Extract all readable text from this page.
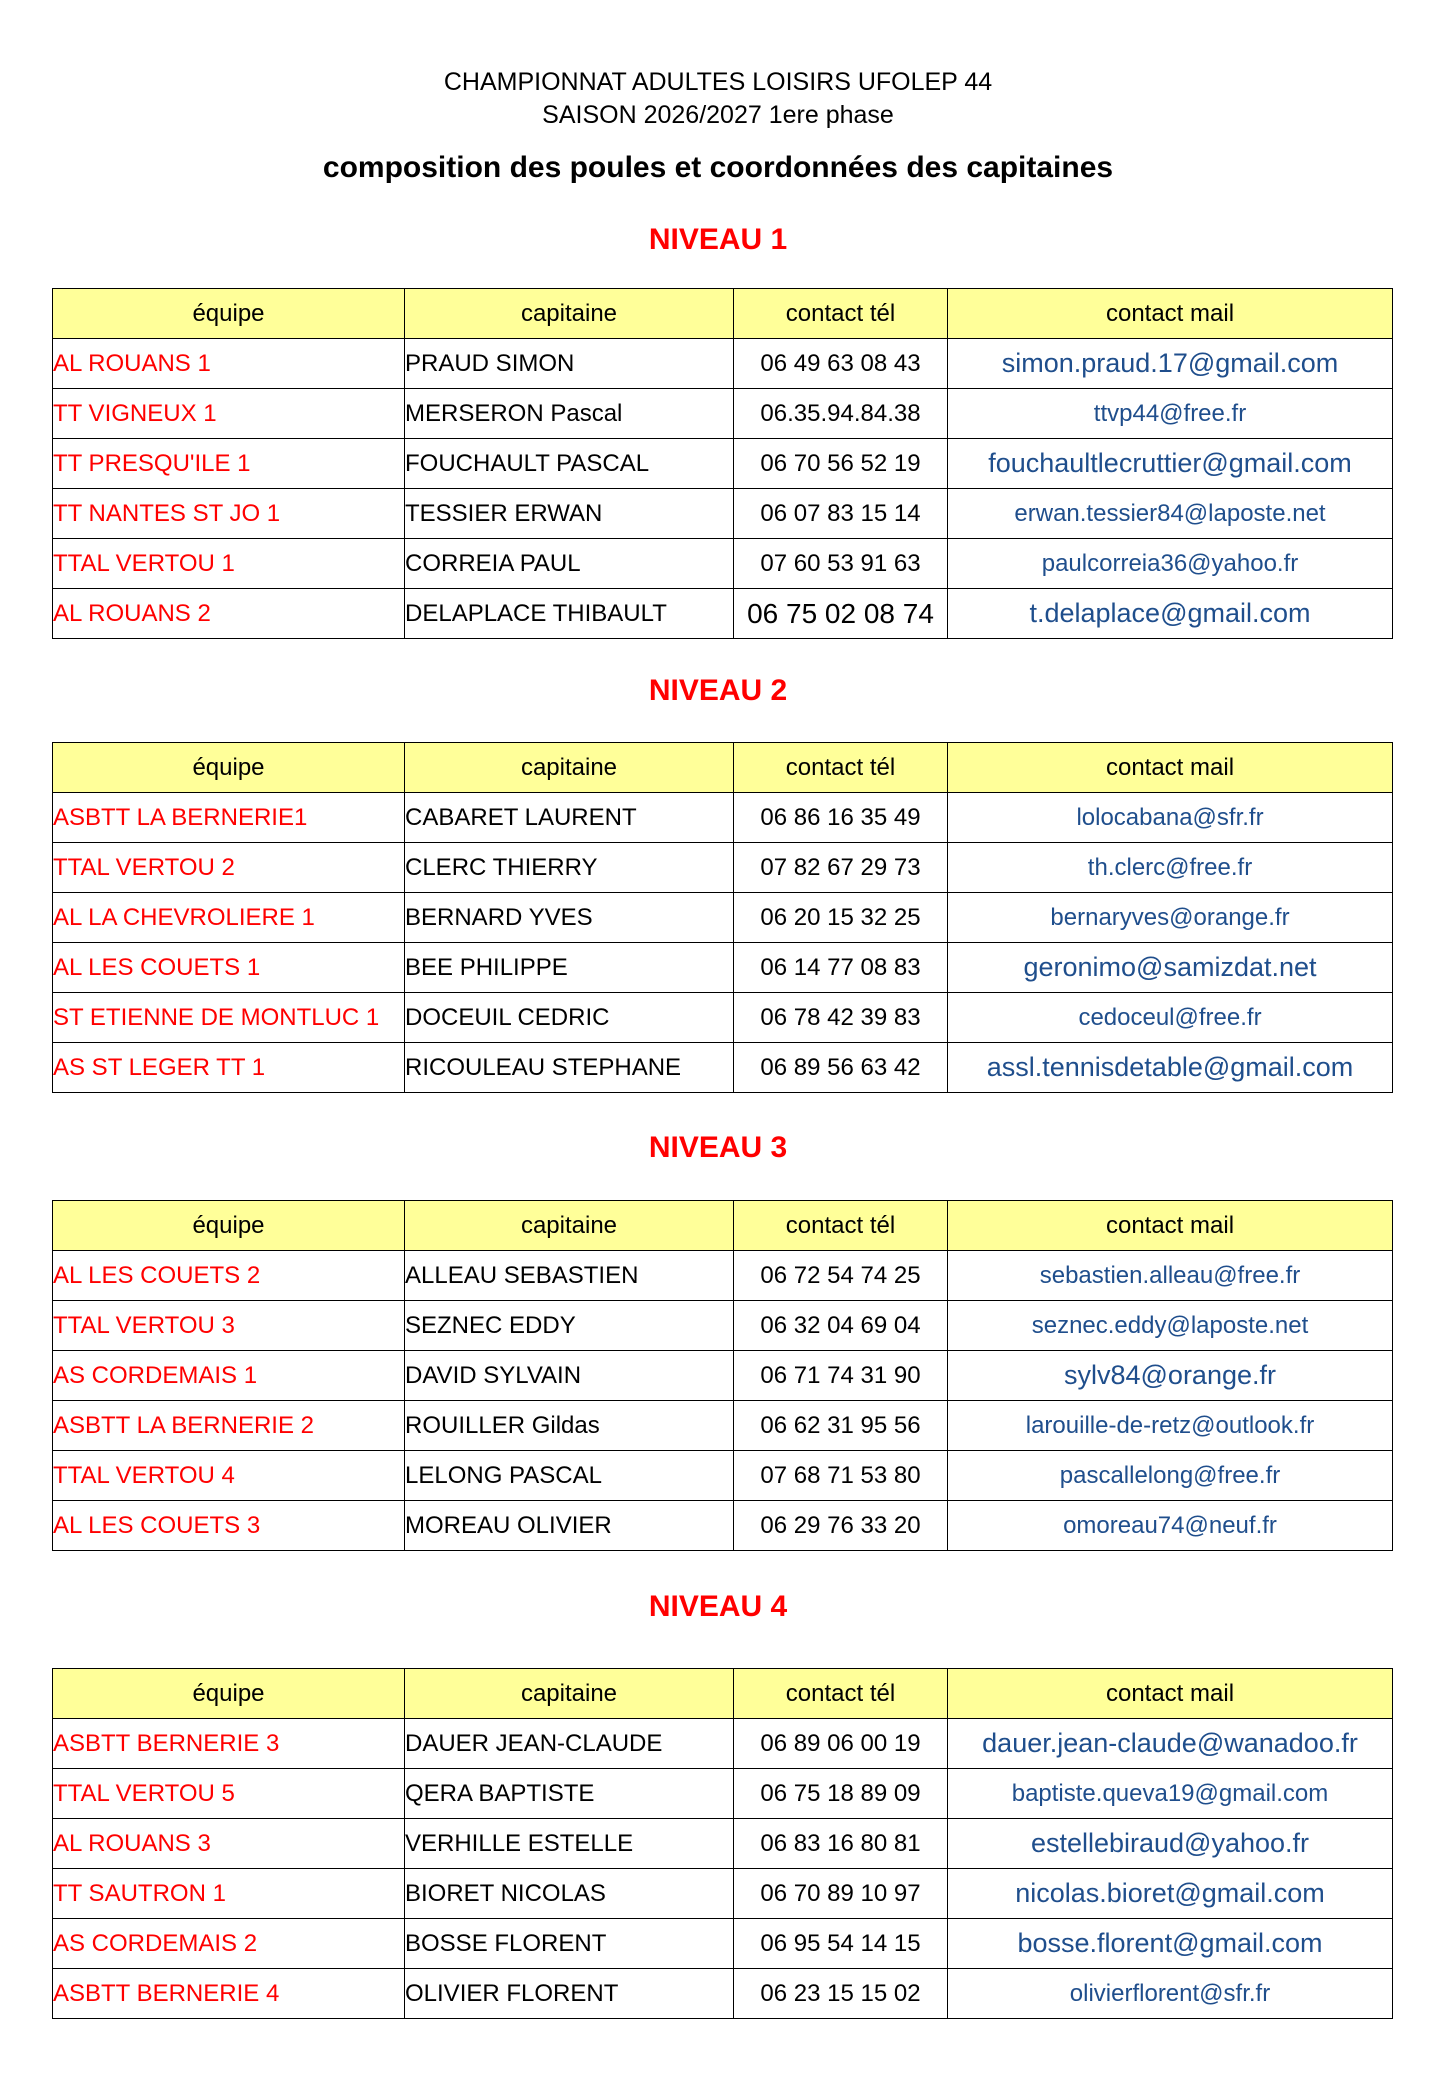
CHAMPIONNAT ADULTES LOISIRS UFOLEP 44
SAISON 2026/2027 1ere phase
composition des poules et coordonnées des capitaines
NIVEAU 1
équipe	capitaine	contact tél	contact mail
AL ROUANS 1	PRAUD SIMON	06 49 63 08 43	simon.praud.17@gmail.com
TT VIGNEUX 1	MERSERON Pascal	06.35.94.84.38	ttvp44@free.fr
TT PRESQU'ILE 1	FOUCHAULT PASCAL	06 70 56 52 19	fouchaultlecruttier@gmail.com
TT NANTES ST JO 1	TESSIER ERWAN	06 07 83 15 14	erwan.tessier84@laposte.net
TTAL VERTOU 1	CORREIA PAUL	07 60 53 91 63	paulcorreia36@yahoo.fr
AL ROUANS 2	DELAPLACE THIBAULT	06 75 02 08 74	t.delaplace@gmail.com
NIVEAU 2
équipe	capitaine	contact tél	contact mail
ASBTT LA BERNERIE1	CABARET LAURENT	06 86 16 35 49	lolocabana@sfr.fr
TTAL VERTOU 2	CLERC THIERRY	07 82 67 29 73	th.clerc@free.fr
AL LA CHEVROLIERE 1	BERNARD YVES	06 20 15 32 25	bernaryves@orange.fr
AL LES COUETS 1	BEE PHILIPPE	06 14 77 08 83	geronimo@samizdat.net
ST ETIENNE DE MONTLUC 1	DOCEUIL CEDRIC	06 78 42 39 83	cedoceul@free.fr
AS ST LEGER TT 1	RICOULEAU STEPHANE	06 89 56 63 42	assl.tennisdetable@gmail.com
NIVEAU 3
équipe	capitaine	contact tél	contact mail
AL LES COUETS 2	ALLEAU SEBASTIEN	06 72 54 74 25	sebastien.alleau@free.fr
TTAL VERTOU 3	SEZNEC EDDY	06 32 04 69 04	seznec.eddy@laposte.net
AS CORDEMAIS 1	DAVID SYLVAIN	06 71 74 31 90	sylv84@orange.fr
ASBTT LA BERNERIE 2	ROUILLER Gildas	06 62 31 95 56	larouille-de-retz@outlook.fr
TTAL VERTOU 4	LELONG PASCAL	07 68 71 53 80	pascallelong@free.fr
AL LES COUETS 3	MOREAU OLIVIER	06 29 76 33 20	omoreau74@neuf.fr
NIVEAU 4
équipe	capitaine	contact tél	contact mail
ASBTT BERNERIE 3	DAUER JEAN-CLAUDE	06 89 06 00 19	dauer.jean-claude@wanadoo.fr
TTAL VERTOU 5	QERA BAPTISTE	06 75 18 89 09	baptiste.queva19@gmail.com
AL ROUANS 3	VERHILLE ESTELLE	06 83 16 80 81	estellebiraud@yahoo.fr
TT SAUTRON 1	BIORET NICOLAS	06 70 89 10 97	nicolas.bioret@gmail.com
AS CORDEMAIS 2	BOSSE FLORENT	06 95 54 14 15	bosse.florent@gmail.com
ASBTT BERNERIE 4	OLIVIER FLORENT	06 23 15 15 02	olivierflorent@sfr.fr
